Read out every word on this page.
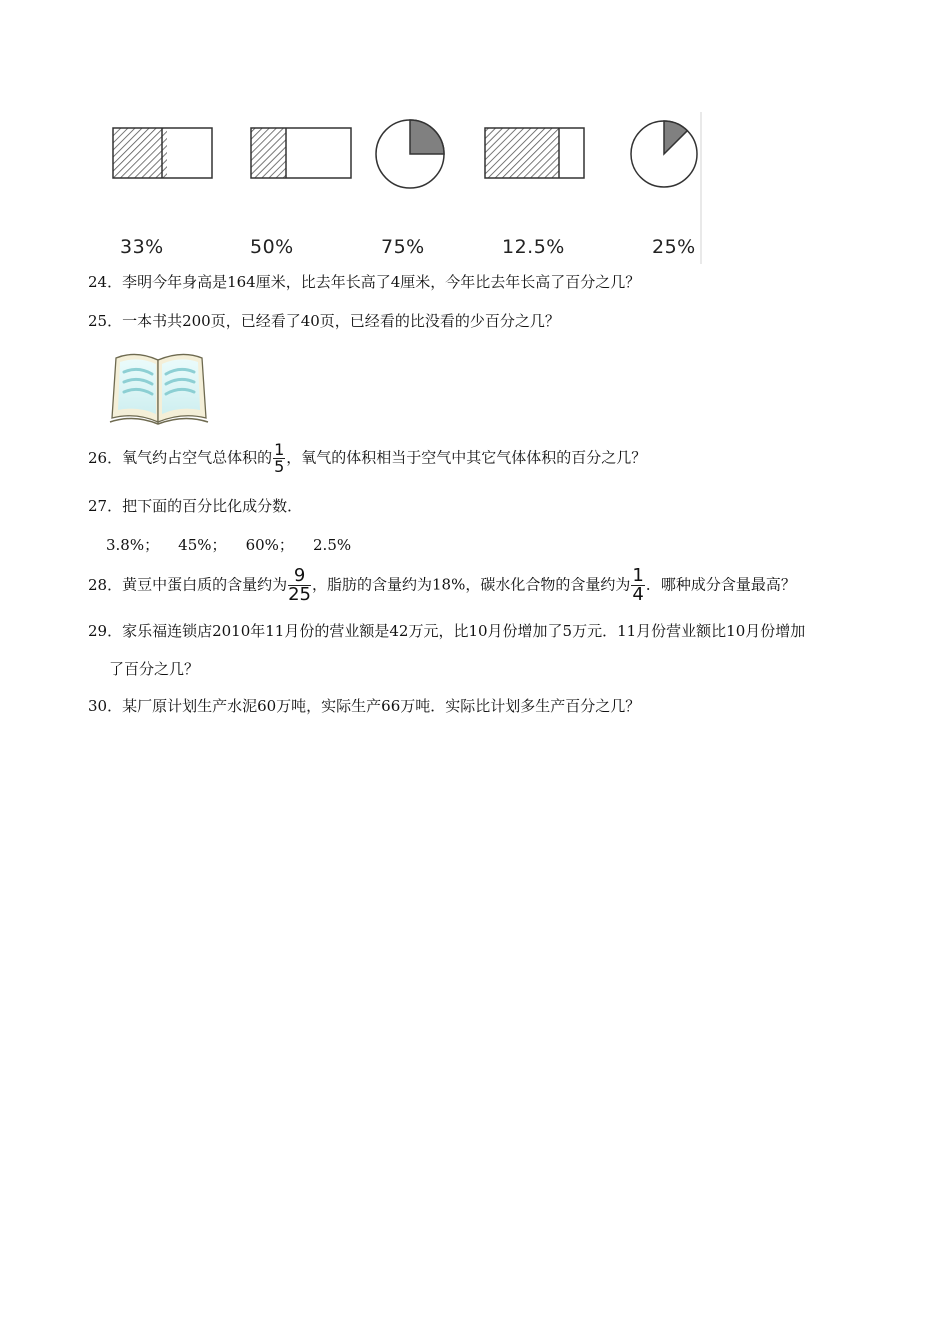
33%	50%	75%	12.5%	25%
24．李明今年身高是164厘米，比去年长高了4厘米，今年比去年长高了百分之几？
25．一本书共200页，已经看了40页，已经看的比没看的少百分之几？
26．氧气约占空气总体积的 $\frac{1}{5}$ ，氧气的体积相当于空气中其它气体体积的百分之几？
27．把下面的百分比化成分数．
3.8%；    45%；    60%；    2.5%
28．黄豆中蛋白质的含量约为 $\frac{9}{25}$ ，脂肪的含量约为18%，碳水化合物的含量约为 $\frac{1}{4}$ ．哪种成分含量最高？
29．家乐福连锁店2010年11月份的营业额是42万元，比10月份增加了5万元．11月份营业额比10月份增加
了百分之几？
30．某厂原计划生产水泥60万吨，实际生产66万吨．实际比计划多生产百分之几？
